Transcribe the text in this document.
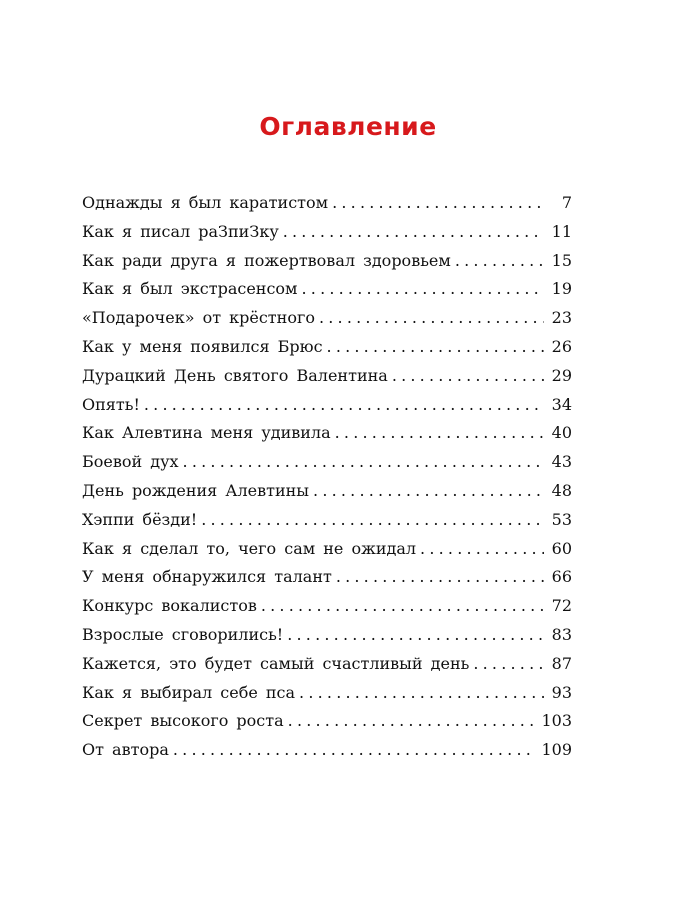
Оглавление
Однажды я был каратистом .....	7
Как я писал раЗпиЗку .....	11
Как ради друга я пожертвовал здоровьем .....	15
Как я был экстрасенсом .....	19
«Подарочек» от крёстного .....	23
Как у меня появился Брюс .....	26
Дурацкий День святого Валентина .....	29
Опять! .....	34
Как Алевтина меня удивила .....	40
Боевой дух .....	43
День рождения Алевтины .....	48
Хэппи бёзди! .....	53
Как я сделал то, чего сам не ожидал .....	60
У меня обнаружился талант .....	66
Конкурс вокалистов .....	72
Взрослые сговорились! .....	83
Кажется, это будет самый счастливый день .....	87
Как я выбирал себе пса .....	93
Секрет высокого роста .....	103
От автора .....	109
